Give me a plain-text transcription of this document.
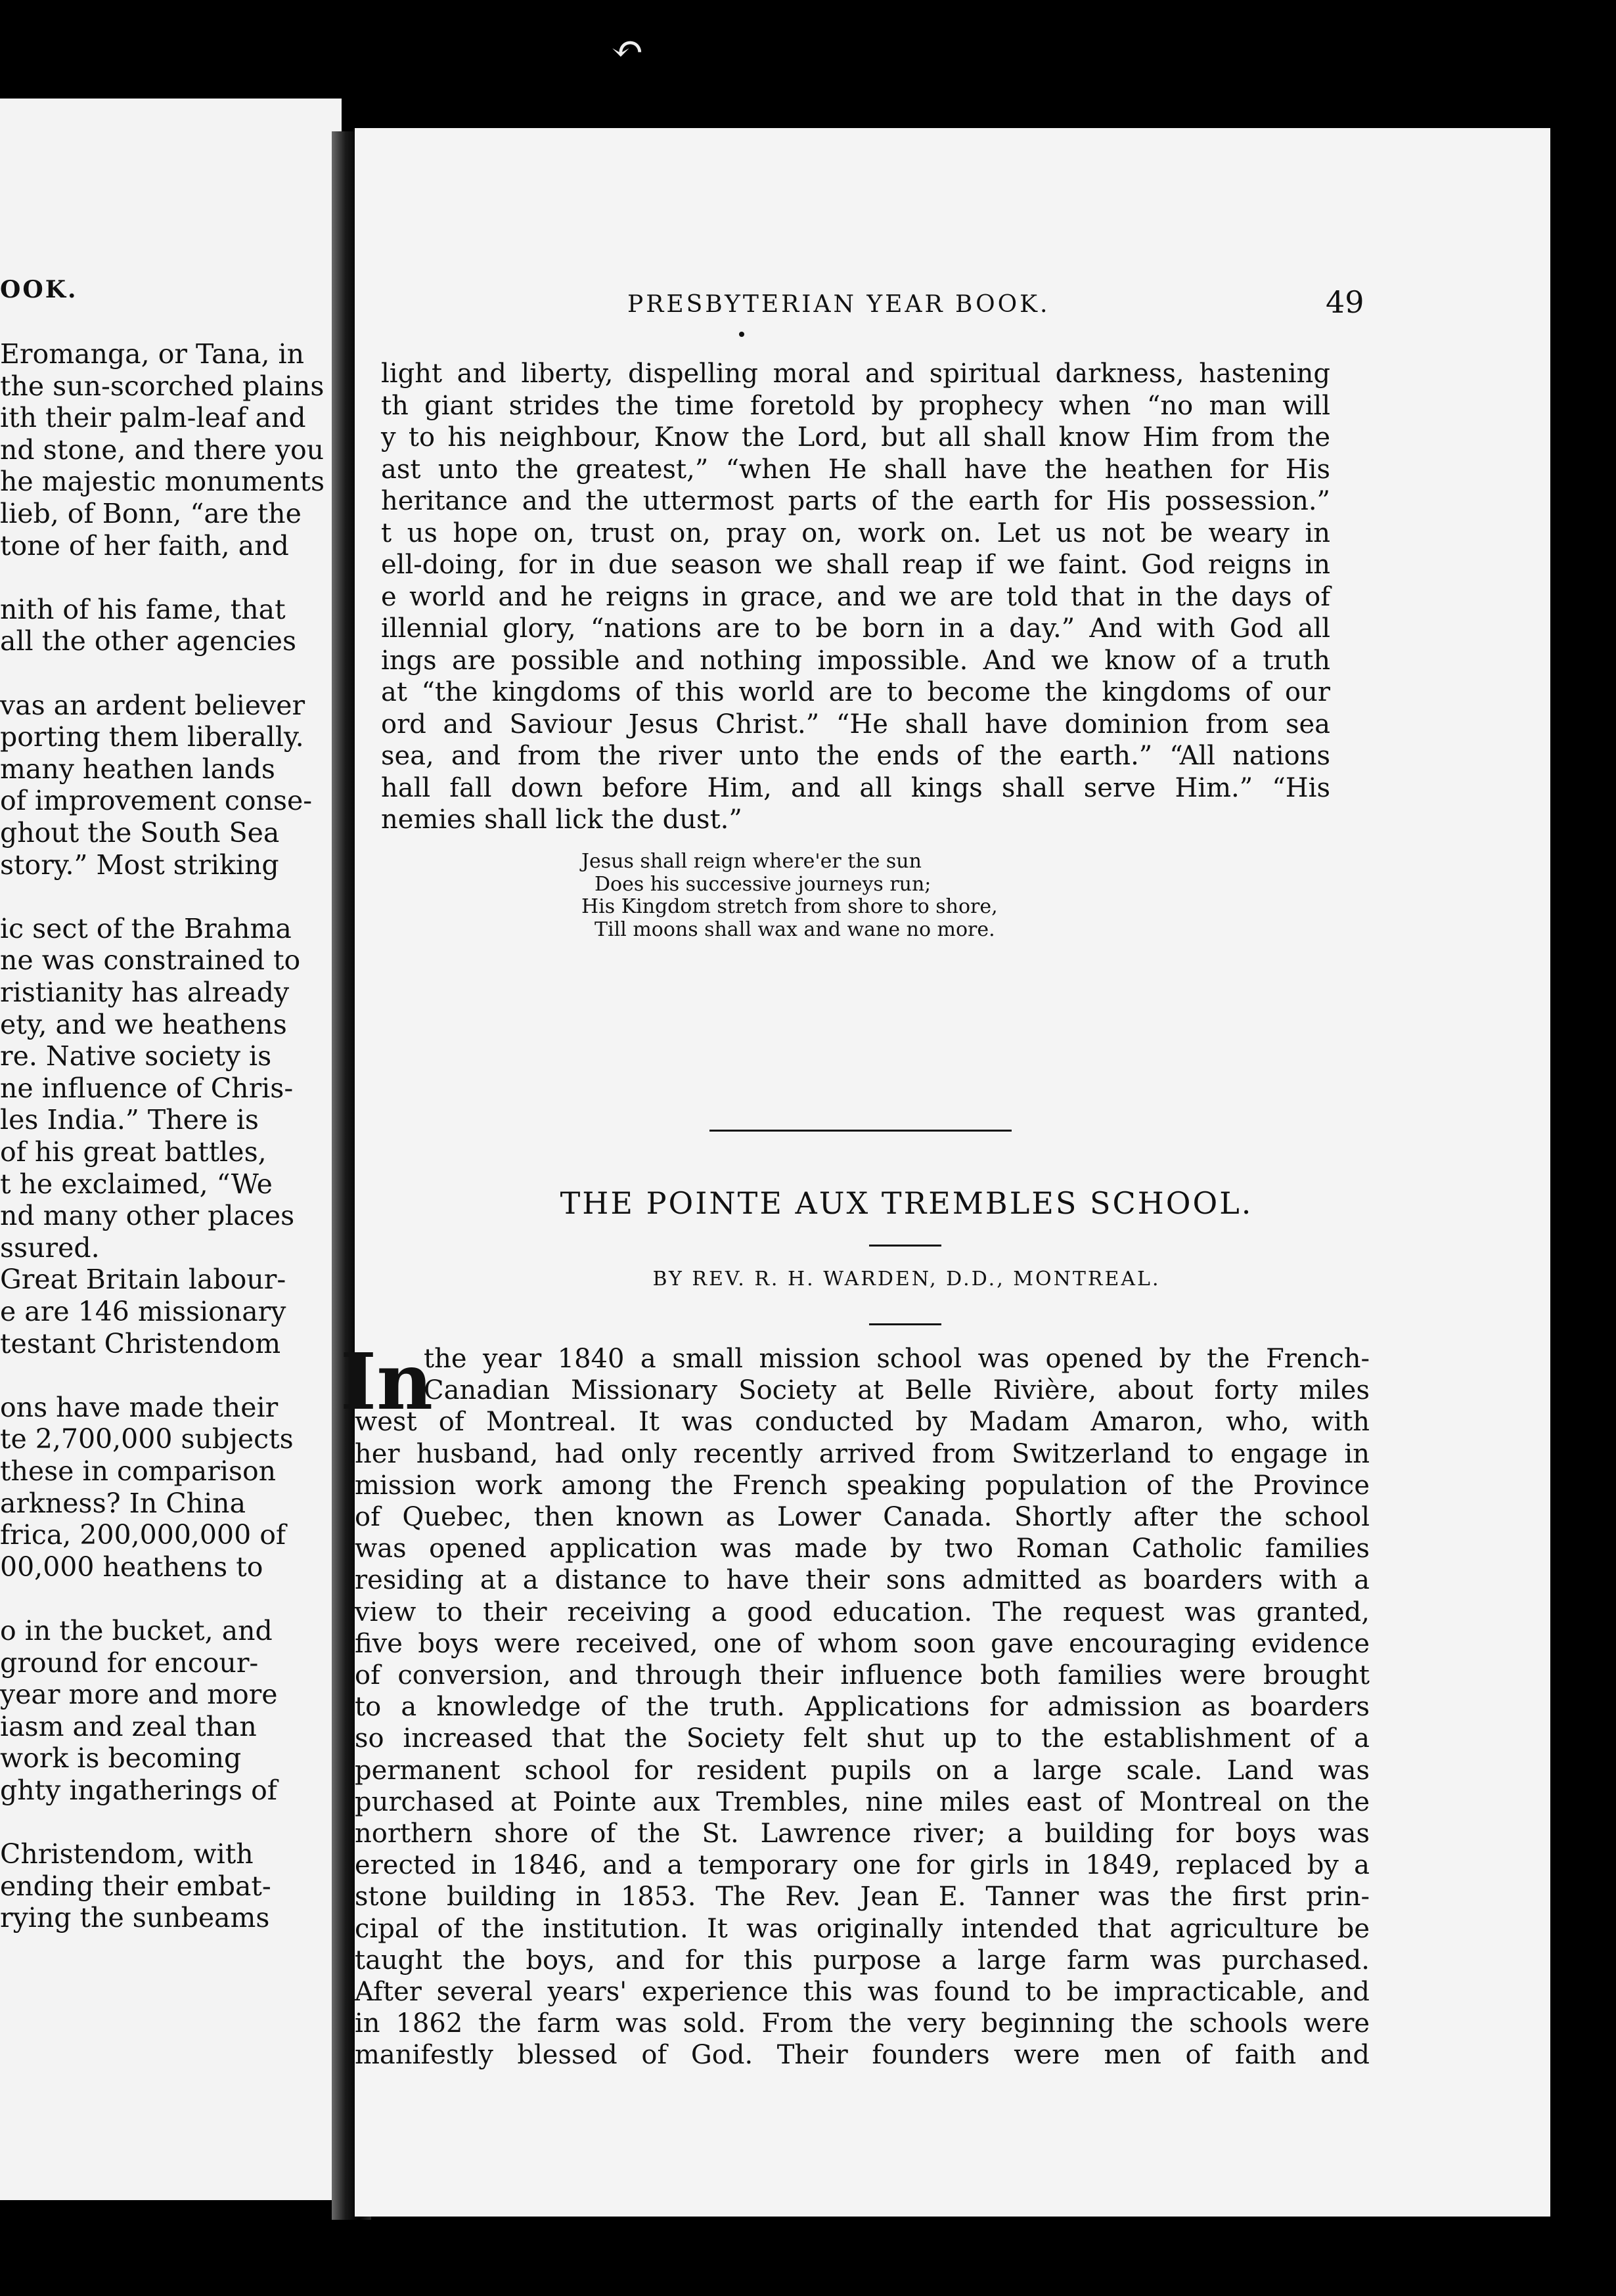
↶
OOK.
Eromanga, or Tana, in
the sun-scorched plains
ith their palm-leaf and
nd stone, and there you
he majestic monuments
lieb, of Bonn, “are the
tone of her faith, and
nith of his fame, that
all the other agencies
vas an ardent believer
porting them liberally.
many heathen lands
of improvement conse-
ghout the South Sea
story.” Most striking
ic sect of the Brahma
ne was constrained to
ristianity has already
ety, and we heathens
re. Native society is
ne influence of Chris-
les India.” There is
of his great battles,
t he exclaimed, “We
nd many other places
ssured.
Great Britain labour-
e are 146 missionary
testant Christendom
ons have made their
te 2,700,000 subjects
these in comparison
arkness? In China
frica, 200,000,000 of
00,000 heathens to
o in the bucket, and
ground for encour-
year more and more
iasm and zeal than
work is becoming
ghty ingatherings of
Christendom, with
ending their embat-
rying the sunbeams
PRESBYTERIAN YEAR BOOK.	49
light and liberty, dispelling moral and spiritual darkness, hastening
th giant strides the time foretold by prophecy when “no man will
y to his neighbour, Know the Lord, but all shall know Him from the
ast unto the greatest,” “when He shall have the heathen for His
heritance and the uttermost parts of the earth for His possession.”
t us hope on, trust on, pray on, work on. Let us not be weary in
ell-doing, for in due season we shall reap if we faint. God reigns in
e world and he reigns in grace, and we are told that in the days of
illennial glory, “nations are to be born in a day.” And with God all
ings are possible and nothing impossible. And we know of a truth
at “the kingdoms of this world are to become the kingdoms of our
ord and Saviour Jesus Christ.” “He shall have dominion from sea
sea, and from the river unto the ends of the earth.” “All nations
hall fall down before Him, and all kings shall serve Him.” “His
nemies shall lick the dust.”
Jesus shall reign where'er the sun
Does his successive journeys run;
His Kingdom stretch from shore to shore,
Till moons shall wax and wane no more.
THE POINTE AUX TREMBLES SCHOOL.
BY REV. R. H. WARDEN, D.D., MONTREAL.
In
the year 1840 a small mission school was opened by the French-
Canadian Missionary Society at Belle Rivière, about forty miles
west of Montreal. It was conducted by Madam Amaron, who, with
her husband, had only recently arrived from Switzerland to engage in
mission work among the French speaking population of the Province
of Quebec, then known as Lower Canada. Shortly after the school
was opened application was made by two Roman Catholic families
residing at a distance to have their sons admitted as boarders with a
view to their receiving a good education. The request was granted,
five boys were received, one of whom soon gave encouraging evidence
of conversion, and through their influence both families were brought
to a knowledge of the truth. Applications for admission as boarders
so increased that the Society felt shut up to the establishment of a
permanent school for resident pupils on a large scale. Land was
purchased at Pointe aux Trembles, nine miles east of Montreal on the
northern shore of the St. Lawrence river; a building for boys was
erected in 1846, and a temporary one for girls in 1849, replaced by a
stone building in 1853. The Rev. Jean E. Tanner was the first prin-
cipal of the institution. It was originally intended that agriculture be
taught the boys, and for this purpose a large farm was purchased.
After several years' experience this was found to be impracticable, and
in 1862 the farm was sold. From the very beginning the schools were
manifestly blessed of God. Their founders were men of faith and
